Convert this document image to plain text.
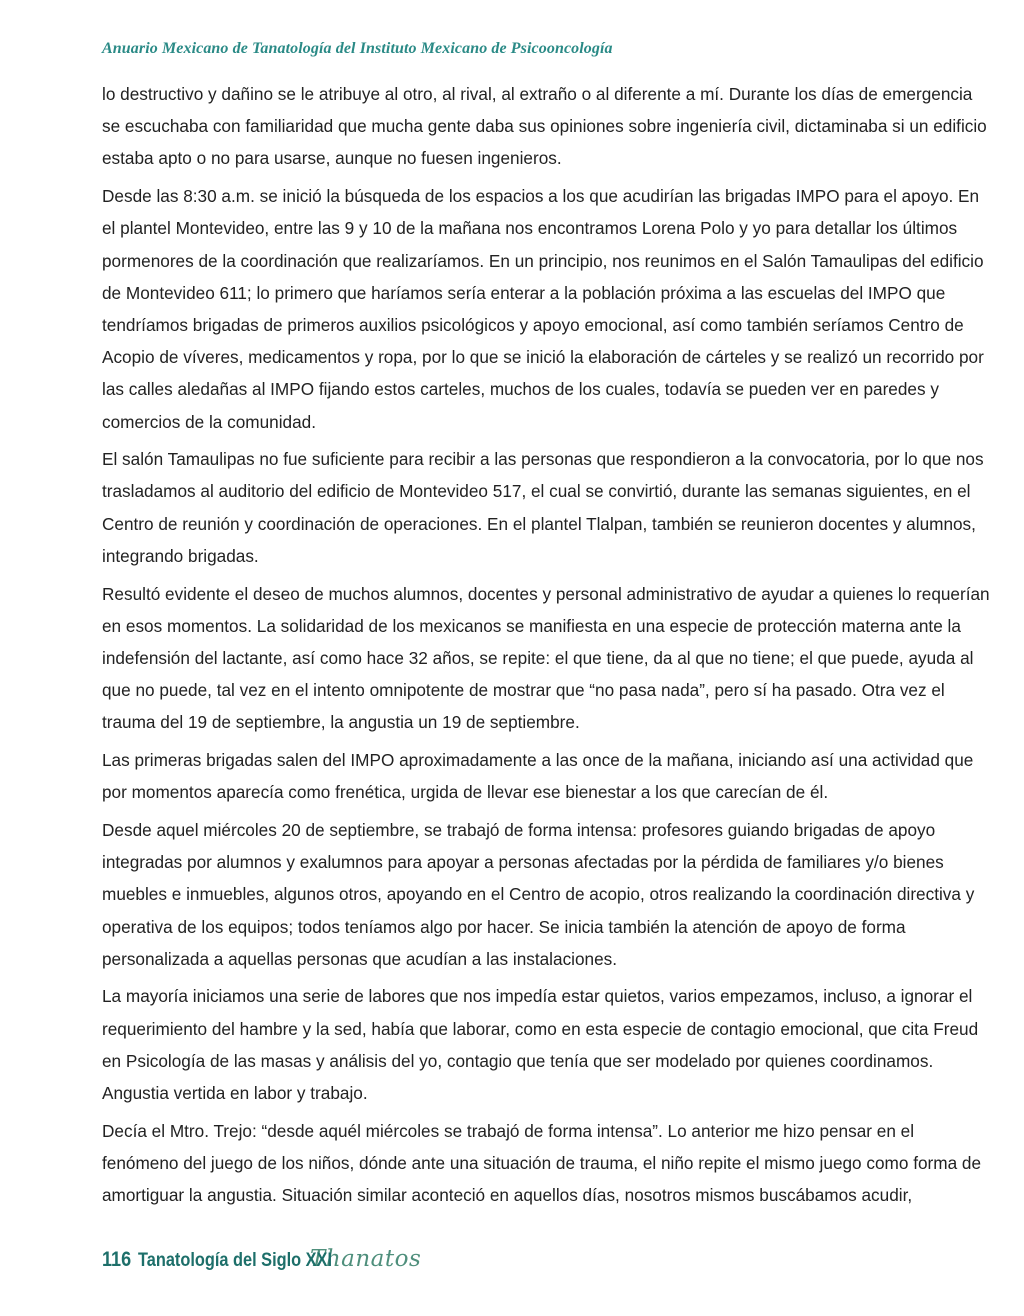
Anuario Mexicano de Tanatología del Instituto Mexicano de Psicooncología

lo destructivo y dañino se le atribuye al otro, al rival, al extraño o al diferente a mí. Durante los días de emergencia se escuchaba con familiaridad que mucha gente daba sus opiniones sobre ingeniería civil, dictaminaba si un edificio estaba apto o no para usarse, aunque no fuesen ingenieros.

Desde las 8:30 a.m. se inició la búsqueda de los espacios a los que acudirían las brigadas IMPO para el apoyo. En el plantel Montevideo, entre las 9 y 10 de la mañana nos encontramos Lorena Polo y yo para detallar los últimos pormenores de la coordinación que realizaríamos. En un principio, nos reunimos en el Salón Tamaulipas del edificio de Montevideo 611; lo primero que haríamos sería enterar a la población próxima a las escuelas del IMPO que tendríamos brigadas de primeros auxilios psicológicos y apoyo emocional, así como también seríamos Centro de Acopio de víveres, medicamentos y ropa, por lo que se inició la elaboración de cárteles y se realizó un recorrido por las calles aledañas al IMPO fijando estos carteles, muchos de los cuales, todavía se pueden ver en paredes y comercios de la comunidad.

El salón Tamaulipas no fue suficiente para recibir a las personas que respondieron a la convocatoria, por lo que nos trasladamos al auditorio del edificio de Montevideo 517, el cual se convirtió, durante las semanas siguientes, en el Centro de reunión y coordinación de operaciones. En el plantel Tlalpan, también se reunieron docentes y alumnos, integrando brigadas.

Resultó evidente el deseo de muchos alumnos, docentes y personal administrativo de ayudar a quienes lo requerían en esos momentos. La solidaridad de los mexicanos se manifiesta en una especie de protección materna ante la indefensión del lactante, así como hace 32 años, se repite: el que tiene, da al que no tiene; el que puede, ayuda al que no puede, tal vez en el intento omnipotente de mostrar que “no pasa nada”, pero sí ha pasado. Otra vez el trauma del 19 de septiembre, la angustia un 19 de septiembre.

Las primeras brigadas salen del IMPO aproximadamente a las once de la mañana, iniciando así una actividad que por momentos aparecía como frenética, urgida de llevar ese bienestar a los que carecían de él.

Desde aquel miércoles 20 de septiembre, se trabajó de forma intensa: profesores guiando brigadas de apoyo integradas por alumnos y exalumnos para apoyar a personas afectadas por la pérdida de familiares y/o bienes muebles e inmuebles, algunos otros, apoyando en el Centro de acopio, otros realizando la coordinación directiva y operativa de los equipos; todos teníamos algo por hacer. Se inicia también la atención de apoyo de forma personalizada a aquellas personas que acudían a las instalaciones.

La mayoría iniciamos una serie de labores que nos impedía estar quietos, varios empezamos, incluso, a ignorar el requerimiento del hambre y la sed, había que laborar, como en esta especie de contagio emocional, que cita Freud en Psicología de las masas y análisis del yo, contagio que tenía que ser modelado por quienes coordinamos. Angustia vertida en labor y trabajo.

Decía el Mtro. Trejo: “desde aquél miércoles se trabajó de forma intensa”. Lo anterior me hizo pensar en el fenómeno del juego de los niños, dónde ante una situación de trauma, el niño repite el mismo juego como forma de amortiguar la angustia. Situación similar aconteció en aquellos días, nosotros mismos buscábamos acudir,

116 Tanatología del Siglo XXI
Thanatos
